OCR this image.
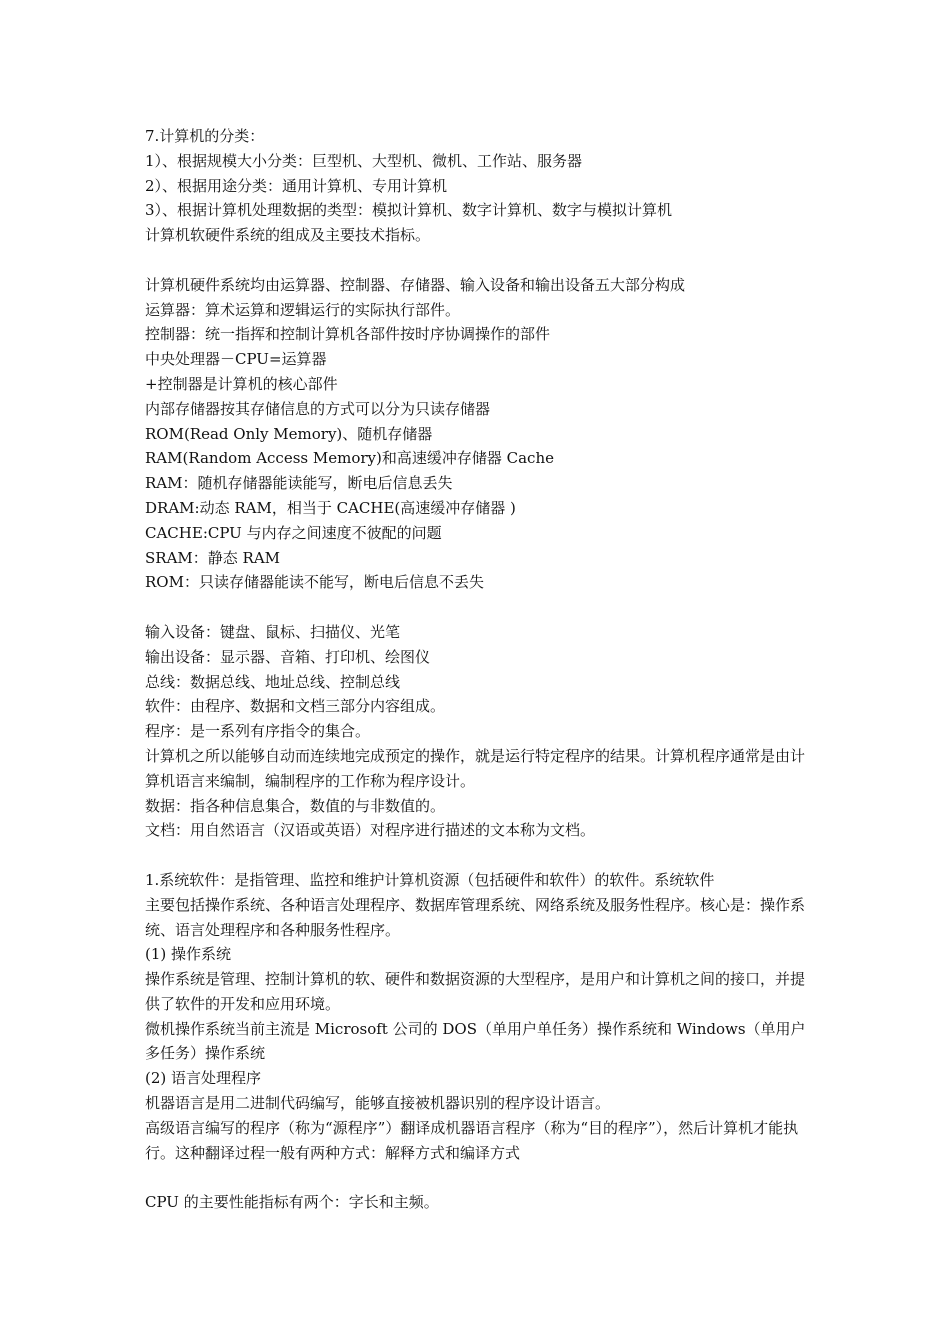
7.计算机的分类：
1）、根据规模大小分类：巨型机、大型机、微机、工作站、服务器
2）、根据用途分类：通用计算机、专用计算机
3）、根据计算机处理数据的类型：模拟计算机、数字计算机、数字与模拟计算机
计算机软硬件系统的组成及主要技术指标。
计算机硬件系统均由运算器、控制器、存储器、输入设备和输出设备五大部分构成
运算器：算术运算和逻辑运行的实际执行部件。
控制器：统一指挥和控制计算机各部件按时序协调操作的部件
中央处理器－CPU=运算器
+控制器是计算机的核心部件
内部存储器按其存储信息的方式可以分为只读存储器
ROM(Read Only Memory)、随机存储器
RAM(Random Access Memory)和高速缓冲存储器 Cache
RAM：随机存储器能读能写，断电后信息丢失
DRAM:动态 RAM，相当于 CACHE(高速缓冲存储器 )
CACHE:CPU 与内存之间速度不彼配的问题
SRAM：静态 RAM
ROM：只读存储器能读不能写，断电后信息不丢失
输入设备：键盘、鼠标、扫描仪、光笔
输出设备：显示器、音箱、打印机、绘图仪
总线：数据总线、地址总线、控制总线
软件：由程序、数据和文档三部分内容组成。
程序：是一系列有序指令的集合。
计算机之所以能够自动而连续地完成预定的操作，就是运行特定程序的结果。计算机程序通常是由计算机语言来编制，编制程序的工作称为程序设计。
数据：指各种信息集合，数值的与非数值的。
文档：用自然语言（汉语或英语）对程序进行描述的文本称为文档。
1.系统软件：是指管理、监控和维护计算机资源（包括硬件和软件）的软件。系统软件
主要包括操作系统、各种语言处理程序、数据库管理系统、网络系统及服务性程序。核心是：操作系统、语言处理程序和各种服务性程序。
(1) 操作系统
操作系统是管理、控制计算机的软、硬件和数据资源的大型程序，是用户和计算机之间的接口，并提供了软件的开发和应用环境。
微机操作系统当前主流是 Microsoft 公司的 DOS（单用户单任务）操作系统和 Windows（单用户多任务）操作系统
(2) 语言处理程序
机器语言是用二进制代码编写，能够直接被机器识别的程序设计语言。
高级语言编写的程序（称为“源程序”）翻译成机器语言程序（称为“目的程序”），然后计算机才能执行。这种翻译过程一般有两种方式：解释方式和编译方式
CPU 的主要性能指标有两个：字长和主频。
